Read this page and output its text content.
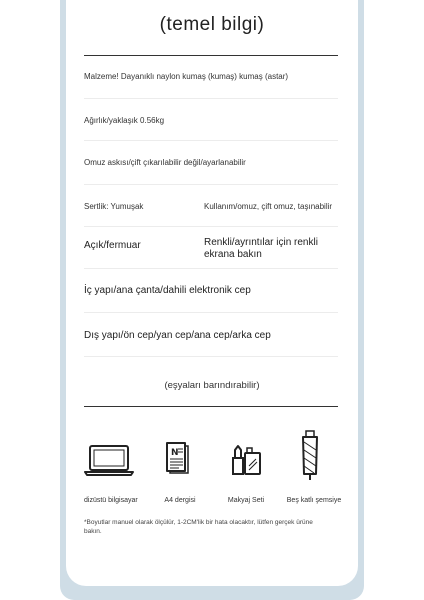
(temel bilgi)
Malzeme! Dayanıklı naylon kumaş (kumaş) kumaş (astar)
Ağırlık/yaklaşık 0.56kg
Omuz askısı/çift çıkarılabilir değil/ayarlanabilir
Sertlik: Yumuşak	Kullanım/omuz, çift omuz, taşınabilir
Açık/fermuar	Renkli/ayrıntılar için renkli ekrana bakın
İç yapı/ana çanta/dahili elektronik cep
Dış yapı/ön cep/yan cep/ana cep/arka cep
(eşyaları barındırabilir)
dizüstü bilgisayar
N
A4 dergisi	Makyaj Seti	Beş katlı şemsiye
*Boyutlar manuel olarak ölçülür, 1-2CM'lik bir hata olacaktır, lütfen gerçek ürüne bakın.
